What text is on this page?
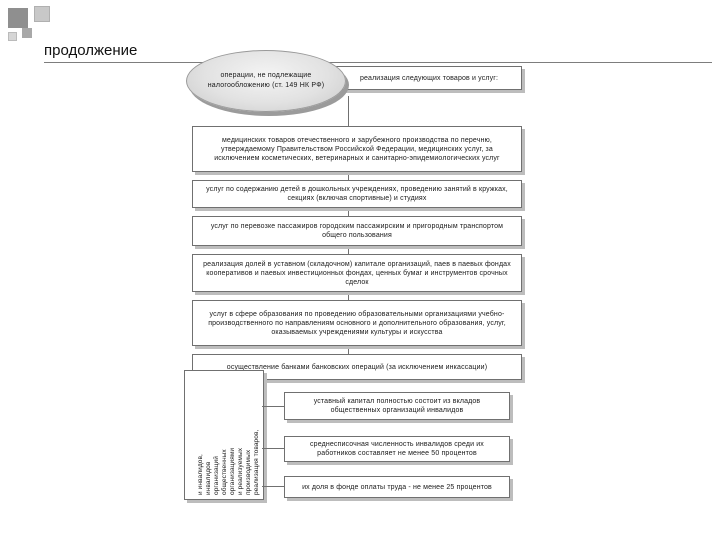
продолжение
реализация следующих товаров и услуг:
операции, не подлежащие налогообложению (ст. 149 НК РФ)
медицинских товаров отечественного и зарубежного производства по перечню, утверждаемому Правительством Российской Федерации, медицинских услуг, за исключением косметических, ветеринарных и санитарно-эпидемиологических услуг
услуг по содержанию детей в дошкольных учреждениях, проведению занятий в кружках, секциях (включая спортивные) и студиях
услуг по перевозке пассажиров городским пассажирским и пригородным транспортом общего пользования
реализация долей в уставном (складочном) капитале организаций, паев в паевых фондах кооперативов и паевых инвестиционных фондах, ценных бумаг и инструментов срочных сделок
услуг в сфере образования по проведению образовательными организациями учебно-производственного по направлениям основного и дополнительного образования, услуг, оказываемых учреждениями культуры и искусства
осуществление банками банковских операций (за исключением инкассации)
реализация товаров,
производимых
и реализуемых
организациями
общественных
организаций
инвалидов
и инвалидов,
уставный капитал полностью состоит из вкладов общественных организаций инвалидов
среднесписочная численность инвалидов среди их работников составляет не менее 50 процентов
их доля в фонде оплаты труда - не менее 25 процентов
